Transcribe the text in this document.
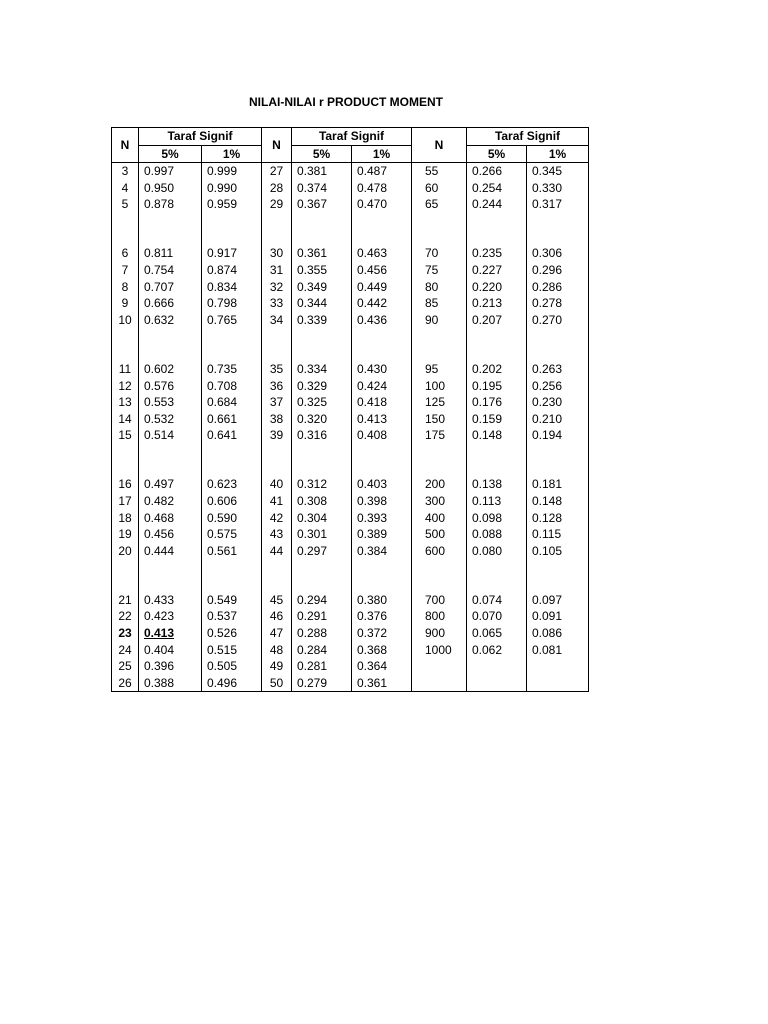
NILAI-NILAI r PRODUCT MOMENT
N	Taraf Signif		N	Taraf Signif		N	Taraf Signif	
	5%	1%		5%	1%		5%	1%
3	0.997	0.999	27	0.381	0.487	55	0.266	0.345
4	0.950	0.990	28	0.374	0.478	60	0.254	0.330
5	0.878	0.959	29	0.367	0.470	65	0.244	0.317

6	0.811	0.917	30	0.361	0.463	70	0.235	0.306
7	0.754	0.874	31	0.355	0.456	75	0.227	0.296
8	0.707	0.834	32	0.349	0.449	80	0.220	0.286
9	0.666	0.798	33	0.344	0.442	85	0.213	0.278
10	0.632	0.765	34	0.339	0.436	90	0.207	0.270

11	0.602	0.735	35	0.334	0.430	95	0.202	0.263
12	0.576	0.708	36	0.329	0.424	100	0.195	0.256
13	0.553	0.684	37	0.325	0.418	125	0.176	0.230
14	0.532	0.661	38	0.320	0.413	150	0.159	0.210
15	0.514	0.641	39	0.316	0.408	175	0.148	0.194

16	0.497	0.623	40	0.312	0.403	200	0.138	0.181
17	0.482	0.606	41	0.308	0.398	300	0.113	0.148
18	0.468	0.590	42	0.304	0.393	400	0.098	0.128
19	0.456	0.575	43	0.301	0.389	500	0.088	0.115
20	0.444	0.561	44	0.297	0.384	600	0.080	0.105

21	0.433	0.549	45	0.294	0.380	700	0.074	0.097
22	0.423	0.537	46	0.291	0.376	800	0.070	0.091
23	0.413	0.526	47	0.288	0.372	900	0.065	0.086
24	0.404	0.515	48	0.284	0.368	1000	0.062	0.081
25	0.396	0.505	49	0.281	0.364			
26	0.388	0.496	50	0.279	0.361			
